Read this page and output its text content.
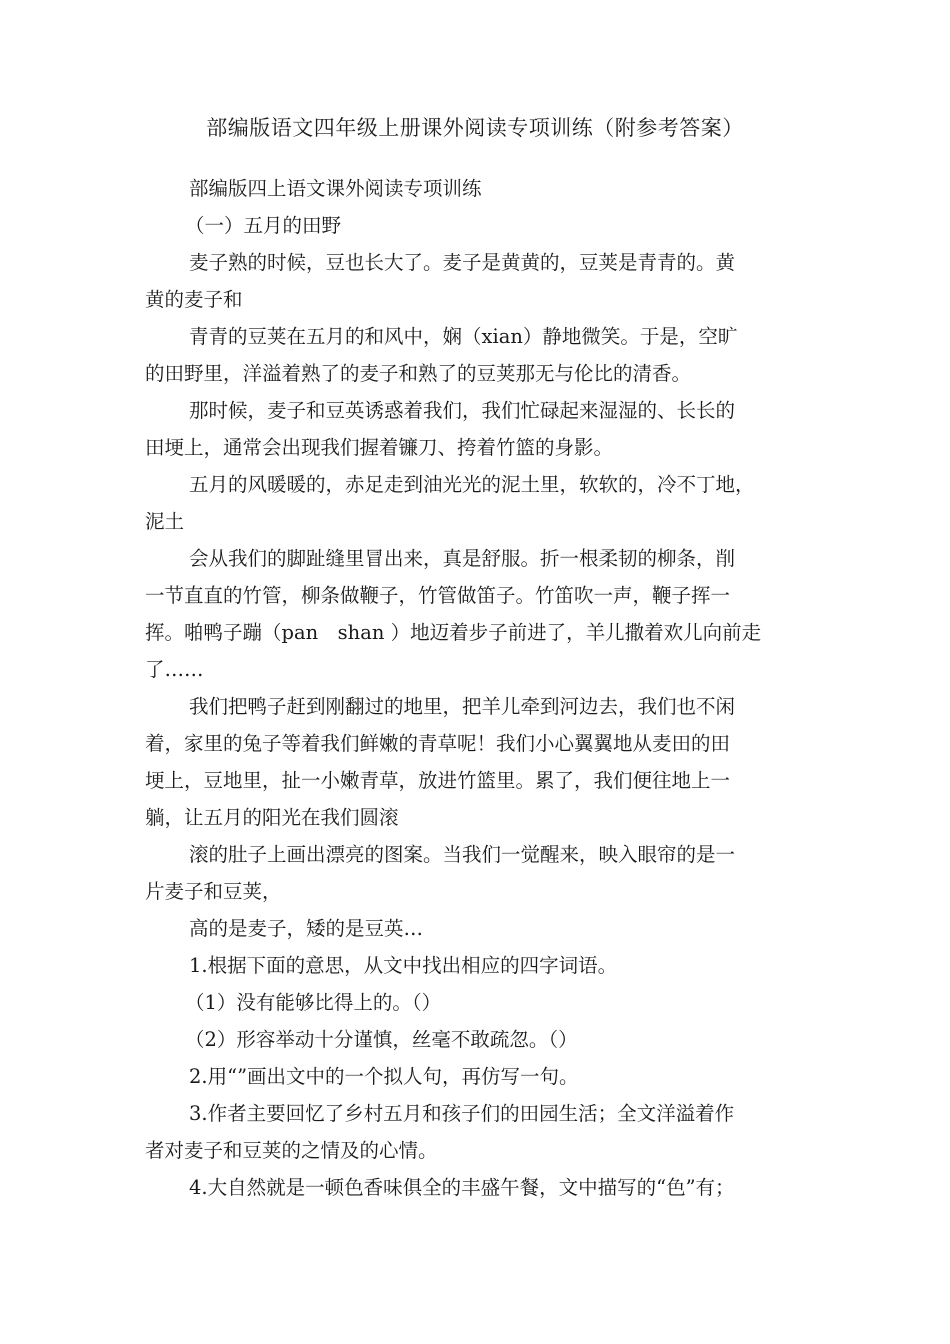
部编版语文四年级上册课外阅读专项训练（附参考答案）
部编版四上语文课外阅读专项训练
（一）五月的田野
麦子熟的时候，豆也长大了。麦子是黄黄的，豆荚是青青的。黄
黄的麦子和
青青的豆荚在五月的和风中，娴（xian）静地微笑。于是，空旷
的田野里，洋溢着熟了的麦子和熟了的豆荚那无与伦比的清香。
那时候，麦子和豆英诱惑着我们，我们忙碌起来湿湿的、长长的
田埂上，通常会出现我们握着镰刀、挎着竹篮的身影。
五月的风暖暖的，赤足走到油光光的泥土里，软软的，冷不丁地，
泥土
会从我们的脚趾缝里冒出来，真是舒服。折一根柔韧的柳条，削
一节直直的竹管，柳条做鞭子，竹管做笛子。竹笛吹一声，鞭子挥一
挥。啪鸭子蹦（pan　shan ）地迈着步子前进了，羊儿撒着欢儿向前走
了……
我们把鸭子赶到刚翻过的地里，把羊儿牵到河边去，我们也不闲
着，家里的兔子等着我们鲜嫩的青草呢！我们小心翼翼地从麦田的田
埂上，豆地里，扯一小嫩青草，放进竹篮里。累了，我们便往地上一
躺，让五月的阳光在我们圆滚
滚的肚子上画出漂亮的图案。当我们一觉醒来，映入眼帘的是一
片麦子和豆荚，
高的是麦子，矮的是豆英…
1.根据下面的意思，从文中找出相应的四字词语。
（1）没有能够比得上的。（）
（2）形容举动十分谨慎，丝毫不敢疏忽。（）
2.用“”画出文中的一个拟人句，再仿写一句。
3.作者主要回忆了乡村五月和孩子们的田园生活；全文洋溢着作
者对麦子和豆荚的之情及的心情。
4.大自然就是一顿色香味俱全的丰盛午餐，文中描写的“色”有；
